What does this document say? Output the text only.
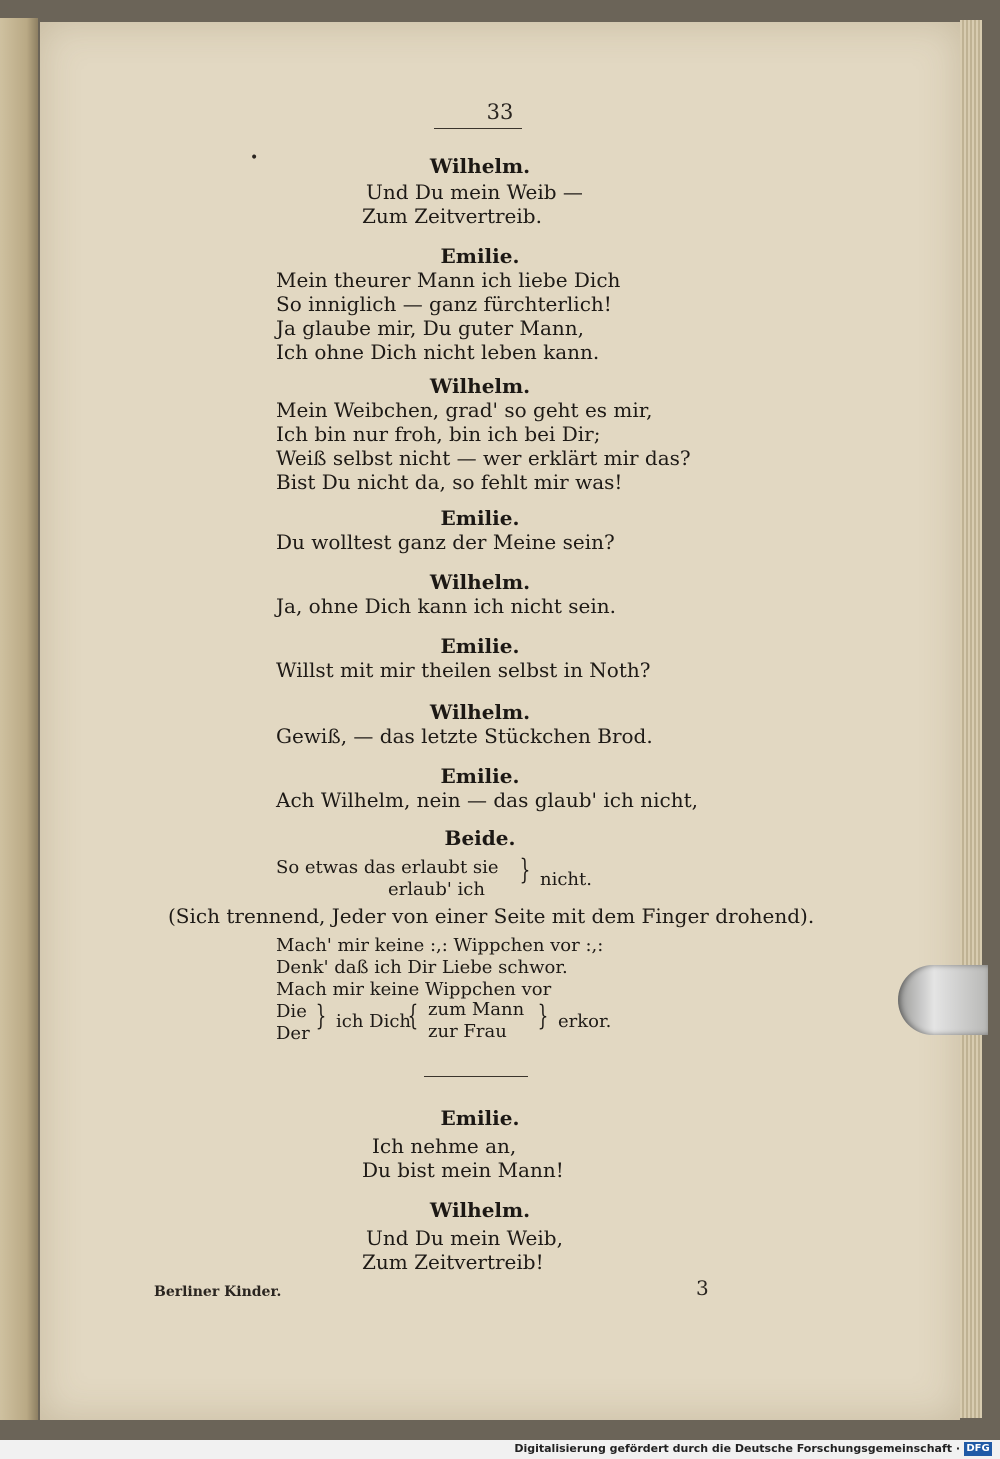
33
•	Wilhelm.
Und Du mein Weib —
Zum Zeitvertreib.
Emilie.
Mein theurer Mann ich liebe Dich
So inniglich — ganz fürchterlich!
Ja glaube mir, Du guter Mann,
Ich ohne Dich nicht leben kann.
Wilhelm.
Mein Weibchen, grad' so geht es mir,
Ich bin nur froh, bin ich bei Dir;
Weiß selbst nicht — wer erklärt mir das?
Bist Du nicht da, so fehlt mir was!
Emilie.
Du wolltest ganz der Meine sein?
Wilhelm.
Ja, ohne Dich kann ich nicht sein.
Emilie.
Willst mit mir theilen selbst in Noth?
Wilhelm.
Gewiß, — das letzte Stückchen Brod.
Emilie.
Ach Wilhelm, nein — das glaub' ich nicht,
Beide.
So etwas das erlaubt sie
erlaub' ich
} nicht.
(Sich trennend, Jeder von einer Seite mit dem Finger drohend).
Mach' mir keine :,: Wippchen vor :,:
Denk' daß ich Dir Liebe schwor.
Mach mir keine Wippchen vor
Die
Der
} ich Dich
{ zum Mann
zur Frau } erkor.
Emilie.
Ich nehme an,
Du bist mein Mann!
Wilhelm.
Und Du mein Weib,
Zum Zeitvertreib!
Berliner Kinder.	3
Digitalisierung gefördert durch die Deutsche Forschungsgemeinschaft · DFG
